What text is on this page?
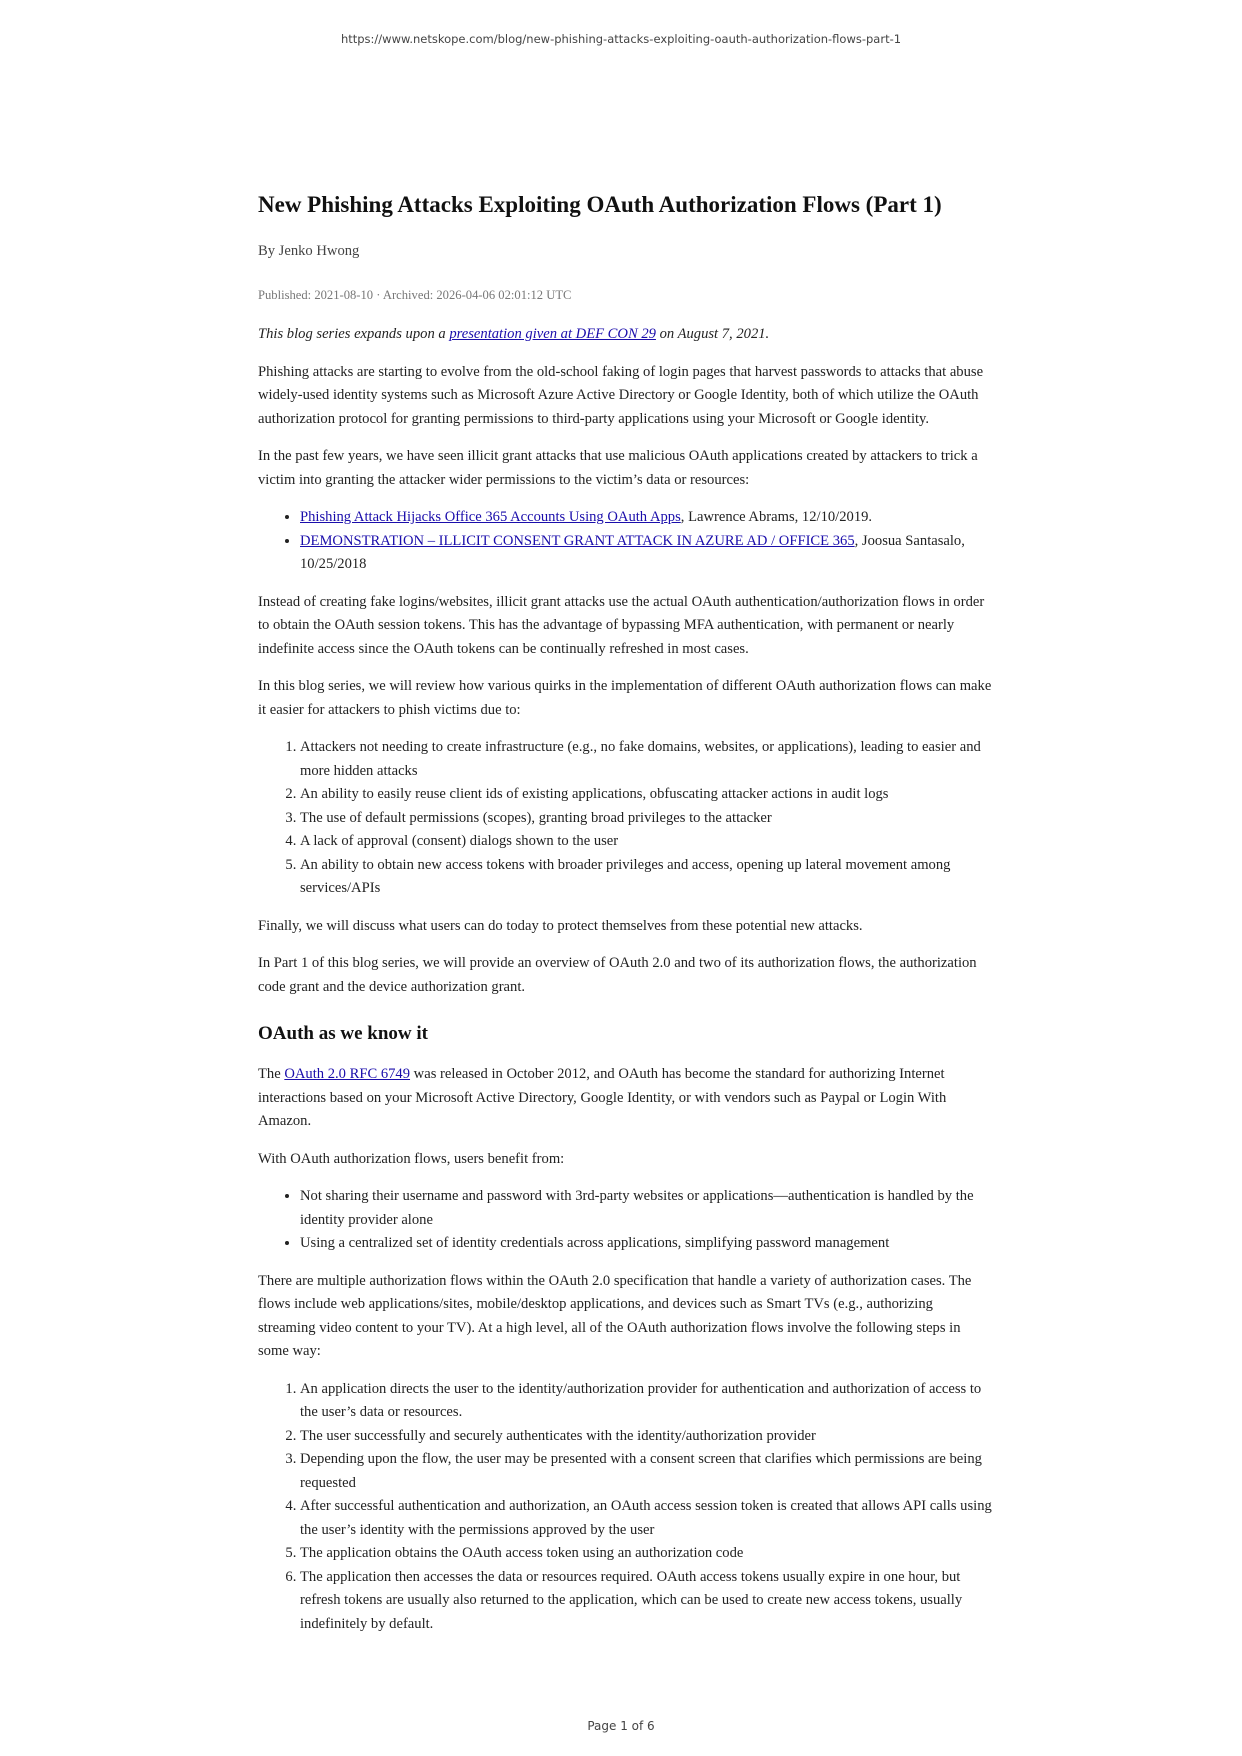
https://www.netskope.com/blog/new-phishing-attacks-exploiting-oauth-authorization-flows-part-1
New Phishing Attacks Exploiting OAuth Authorization Flows (Part 1)
By Jenko Hwong
Published: 2021-08-10 · Archived: 2026-04-06 02:01:12 UTC

This blog series expands upon a presentation given at DEF CON 29 on August 7, 2021.

Phishing attacks are starting to evolve from the old-school faking of login pages that harvest passwords to attacks that abuse widely-used identity systems such as Microsoft Azure Active Directory or Google Identity, both of which utilize the OAuth authorization protocol for granting permissions to third-party applications using your Microsoft or Google identity.

In the past few years, we have seen illicit grant attacks that use malicious OAuth applications created by attackers to trick a victim into granting the attacker wider permissions to the victim’s data or resources:

• Phishing Attack Hijacks Office 365 Accounts Using OAuth Apps, Lawrence Abrams, 12/10/2019.
• DEMONSTRATION – ILLICIT CONSENT GRANT ATTACK IN AZURE AD / OFFICE 365, Joosua Santasalo, 10/25/2018

Instead of creating fake logins/websites, illicit grant attacks use the actual OAuth authentication/authorization flows in order to obtain the OAuth session tokens. This has the advantage of bypassing MFA authentication, with permanent or nearly indefinite access since the OAuth tokens can be continually refreshed in most cases.

In this blog series, we will review how various quirks in the implementation of different OAuth authorization flows can make it easier for attackers to phish victims due to:

1. Attackers not needing to create infrastructure (e.g., no fake domains, websites, or applications), leading to easier and more hidden attacks
2. An ability to easily reuse client ids of existing applications, obfuscating attacker actions in audit logs
3. The use of default permissions (scopes), granting broad privileges to the attacker
4. A lack of approval (consent) dialogs shown to the user
5. An ability to obtain new access tokens with broader privileges and access, opening up lateral movement among services/APIs

Finally, we will discuss what users can do today to protect themselves from these potential new attacks.

In Part 1 of this blog series, we will provide an overview of OAuth 2.0 and two of its authorization flows, the authorization code grant and the device authorization grant.

OAuth as we know it

The OAuth 2.0 RFC 6749 was released in October 2012, and OAuth has become the standard for authorizing Internet interactions based on your Microsoft Active Directory, Google Identity, or with vendors such as Paypal or Login With Amazon.

With OAuth authorization flows, users benefit from:

• Not sharing their username and password with 3rd-party websites or applications—authentication is handled by the identity provider alone
• Using a centralized set of identity credentials across applications, simplifying password management

There are multiple authorization flows within the OAuth 2.0 specification that handle a variety of authorization cases. The flows include web applications/sites, mobile/desktop applications, and devices such as Smart TVs (e.g., authorizing streaming video content to your TV). At a high level, all of the OAuth authorization flows involve the following steps in some way:

1. An application directs the user to the identity/authorization provider for authentication and authorization of access to the user’s data or resources.
2. The user successfully and securely authenticates with the identity/authorization provider
3. Depending upon the flow, the user may be presented with a consent screen that clarifies which permissions are being requested
4. After successful authentication and authorization, an OAuth access session token is created that allows API calls using the user’s identity with the permissions approved by the user
5. The application obtains the OAuth access token using an authorization code
6. The application then accesses the data or resources required. OAuth access tokens usually expire in one hour, but refresh tokens are usually also returned to the application, which can be used to create new access tokens, usually indefinitely by default.
Page 1 of 6
